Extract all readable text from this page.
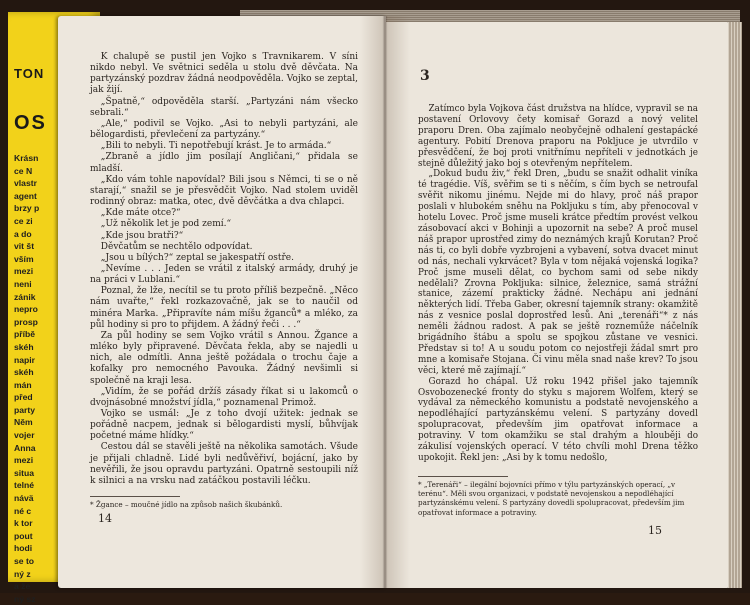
TON
OS
Krásn
ce N
vlastr
agent
brzy p
ce zi
a do
vit št
vším
mezi
neni
zánik
nepro
prosp
příbě
skéh
napir
skéh
mán
před
party
Něm
vojer
Anna
mezi
situa
telné
návä
né c
k tor
pout
hodi
se to
ný z
a že
ný sz

K chalupě se pustil jen Vojko s Travnikarem. V síni nikdo nebyl. Ve světnici seděla u stolu dvě děvčata. Na partyzánský pozdrav žádná neodpověděla. Vojko se zeptal, jak žijí.

„Špatně,“ odpověděla starší. „Partyzáni nám všecko sebrali.“

„Ale,“ podivil se Vojko. „Asi to nebyli partyzáni, ale bělogardisti, převlečení za partyzány.“

„Bili to nebyli. Ti nepotřebují krást. Je to armáda.“

„Zbraně a jídlo jim posílají Angličani,“ přidala se mladší.

„Kdo vám tohle napovídal? Bili jsou s Němci, ti se o ně starají,“ snažil se je přesvědčit Vojko. Nad stolem uviděl rodinný obraz: matka, otec, dvě děvčátka a dva chlapci.

„Kde máte otce?“

„Už několik let je pod zemí.“

„Kde jsou bratři?“

Děvčatům se nechtělo odpovídat.

„Jsou u bílých?“ zeptal se jakespatří ostře.

„Nevíme . . . Jeden se vrátil z italský armády, druhý je na práci v Lublani.“

Poznal, že lže, necítil se tu proto příliš bezpečně. „Něco nám uvařte,“ řekl rozkazovačně, jak se to naučil od minéra Marka. „Připravíte nám míšu žganců* a mléko, za půl hodiny si pro to přijdem. A žádný řeči . . .“

Za půl hodiny se sem Vojko vrátil s Annou. Žgance a mléko byly připravené. Děvčata řekla, aby se najedli u nich, ale odmítli. Anna ještě požádala o trochu čaje a kofalky pro nemocného Pavouka. Žádný nevšimli si společně na kraji lesa.

„Vidím, že se pořád držíš zásady říkat si u lakomců o dvojnásobné množství jídla,“ poznamenal Primož.

Vojko se usmál: „Je z toho dvojí užitek: jednak se pořádně nacpem, jednak si bělogardisti myslí, bůhvíjak početné máme hlídky.“

Cestou dál se stavěli ještě na několika samotách. Všude je přijali chladně. Lidé byli nedůvěřiví, bojácní, jako by nevěřili, že jsou opravdu partyzáni. Opatrně sestoupili níž k silnici a na vrsku nad zatáčkou postavili léčku.

* Žgance – moučné jídlo na způsob našich škubánků.

14
3

Zatímco byla Vojkova část družstva na hlídce, vypravil se na postavení Orlovovy čety komisař Gorazd a nový velitel praporu Dren. Oba zajímalo neobyčejně odhalení gestapácké agentury. Pobití Drenova praporu na Pokljuce je utvrdilo v přesvědčení, že boj proti vnitřnímu nepříteli v jednotkách je stejně důležitý jako boj s otevřeným nepřítelem.

„Dokud budu živ,“ řekl Dren, „budu se snažit odhalit viníka té tragédie. Víš, svěřim se ti s něčím, s čím bych se netroufal svěřit nikomu jinému. Nejde mi do hlavy, proč náš prapor poslali v hlubokém sněhu na Pokljuku s tím, aby přenocoval v hotelu Lovec. Proč jsme museli krátce předtím provést velkou zásobovací akci v Bohinji a upozornit na sebe? A proč musel náš prapor uprostřed zimy do neznámých krajů Korutan? Proč nás ti, co byli dobře vyzbrojeni a vybavení, sotva dvacet minut od nás, nechali vykrvácet? Byla v tom nějaká vojenská logika? Proč jsme museli dělat, co bychom sami od sebe nikdy nedělali? Zrovna Pokljuka: silnice, železnice, samá strážní stanice, zázemí prakticky žádné. Nechápu ani jednání některých lidí. Třeba Gaber, okresní tajemník strany: okamžitě nás z vesnice poslal doprostřed lesů. Ani „terenáři“* z nás neměli žádnou radost. A pak se ještě rozneműže náčelník brigádního štábu a spolu se spojkou zůstane ve vesnici. Představ si to! A u soudu potom co nejostřeji žádal smrt pro mne a komisaře Stojana. Či vinu měla snad naše krev? To jsou věci, které mě zajímají.“

Gorazd ho chápal. Už roku 1942 přišel jako tajemník Osvobozenecké fronty do styku s majorem Wolfem, který se vydával za německého komunistu a podstatě nevojenského a nepodléhající partyzánskému velení. S partyzány dovedl spolupracovat, především jim opatřovat informace a potraviny. V tom okamžiku se stal drahým a hlouběji do zákulisí vojenských operací. V této chvíli mohl Drena těžko upokojit. Řekl jen: „Asi by k tomu nedošlo,

* „Terenáři“ – ilegální bojovníci přímo v týlu partyzánských operací, „v terénu“. Měli svou organizaci, v podstatě nevojenskou a nepodléhající partyzánskému velení. S partyzány dovedli spolupracovat, především jim opatřovat informace a potraviny.

15
